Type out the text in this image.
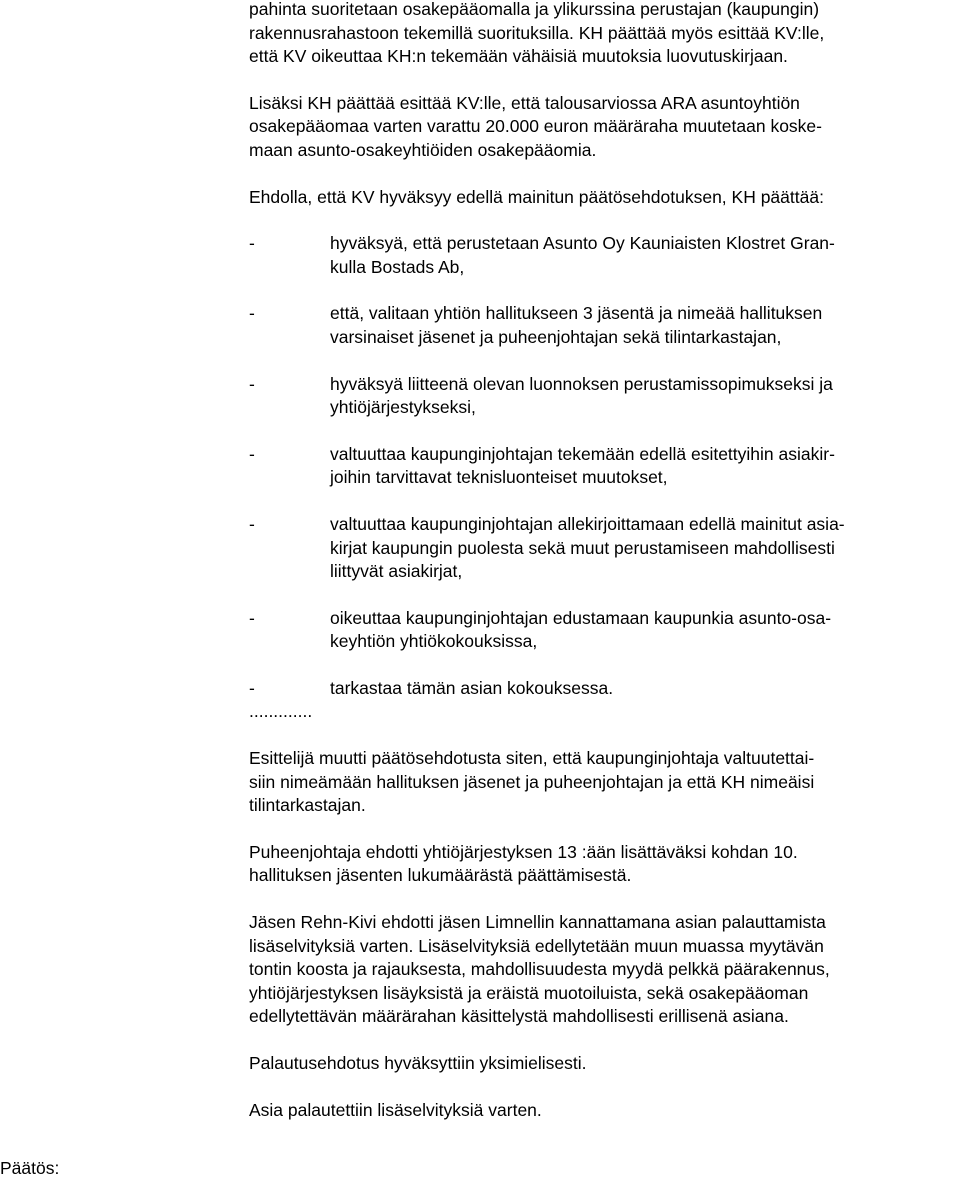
pahinta suoritetaan osakepääomalla ja ylikurssina perustajan (kaupungin)
rakennusrahastoon tekemillä suorituksilla. KH päättää myös esittää KV:lle,
että KV oikeuttaa KH:n tekemään vähäisiä muutoksia luovutuskirjaan.

Lisäksi KH päättää esittää KV:lle, että talousarviossa ARA asuntoyhtiön
osakepääomaa varten varattu 20.000 euron määräraha muutetaan koske-
maan asunto-osakeyhtiöiden osakepääomia.

Ehdolla, että KV hyväksyy edellä mainitun päätösehdotuksen, KH päättää:

-	hyväksyä, että perustetaan Asunto Oy Kauniaisten Klostret Gran-
kulla Bostads Ab,
-	että, valitaan yhtiön hallitukseen 3 jäsentä ja nimeää hallituksen
varsinaiset jäsenet ja puheenjohtajan sekä tilintarkastajan,
-	hyväksyä liitteenä olevan luonnoksen perustamissopimukseksi ja
yhtiöjärjestykseksi,
-	valtuuttaa kaupunginjohtajan tekemään edellä esitettyihin asiakir-
joihin tarvittavat teknisluonteiset muutokset,
-	valtuuttaa kaupunginjohtajan allekirjoittamaan edellä mainitut asia-
kirjat kaupungin puolesta sekä muut perustamiseen mahdollisesti
liittyvät asiakirjat,
-	oikeuttaa kaupunginjohtajan edustamaan kaupunkia asunto-osa-
keyhtiön yhtiökokouksissa,
-	tarkastaa tämän asian kokouksessa.
.............

Esittelijä muutti päätösehdotusta siten, että kaupunginjohtaja valtuutettai-
siin nimeämään hallituksen jäsenet ja puheenjohtajan ja että KH nimeäisi
tilintarkastajan.

Puheenjohtaja ehdotti yhtiöjärjestyksen 13 :ään lisättäväksi kohdan 10.
hallituksen jäsenten lukumäärästä päättämisestä.

Jäsen Rehn-Kivi ehdotti jäsen Limnellin kannattamana asian palauttamista
lisäselvityksiä varten. Lisäselvityksiä edellytetään muun muassa myytävän
tontin koosta ja rajauksesta, mahdollisuudesta myydä pelkkä päärakennus,
yhtiöjärjestyksen lisäyksistä ja eräistä muotoiluista, sekä osakepääoman
edellytettävän määrärahan käsittelystä mahdollisesti erillisenä asiana.

Palautusehdotus hyväksyttiin yksimielisesti.

Asia palautettiin lisäselvityksiä varten.

Päätös:
